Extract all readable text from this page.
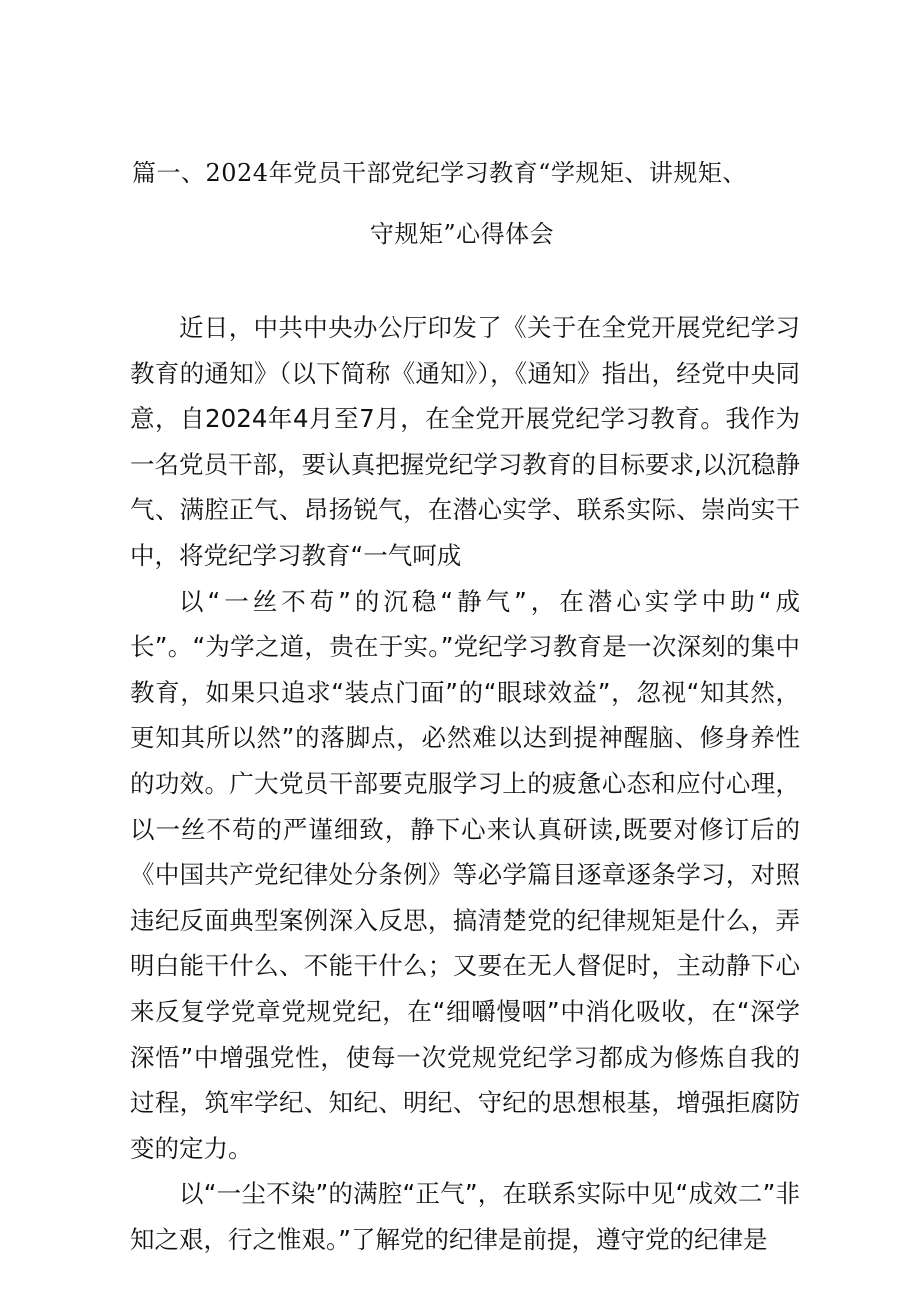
篇一、2024年党员干部党纪学习教育“学规矩、讲规矩、
守规矩”心得体会

近日，中共中央办公厅印发了《关于在全党开展党纪学习教育的通知》（以下简称《通知》），《通知》指出，经党中央同意，自2024年4月至7月，在全党开展党纪学习教育。我作为一名党员干部，要认真把握党纪学习教育的目标要求,以沉稳静气、满腔正气、昂扬锐气，在潜心实学、联系实际、崇尚实干中，将党纪学习教育“一气呵成

以“一丝不苟”的沉稳“静气”，在潜心实学中助“成长”。“为学之道，贵在于实。”党纪学习教育是一次深刻的集中教育，如果只追求“装点门面”的“眼球效益”，忽视“知其然，更知其所以然”的落脚点，必然难以达到提神醒脑、修身养性的功效。广大党员干部要克服学习上的疲惫心态和应付心理，以一丝不苟的严谨细致，静下心来认真研读,既要对修订后的《中国共产党纪律处分条例》等必学篇目逐章逐条学习，对照违纪反面典型案例深入反思，搞清楚党的纪律规矩是什么，弄明白能干什么、不能干什么；又要在无人督促时，主动静下心来反复学党章党规党纪，在“细嚼慢咽”中消化吸收，在“深学深悟”中增强党性，使每一次党规党纪学习都成为修炼自我的过程，筑牢学纪、知纪、明纪、守纪的思想根基，增强拒腐防变的定力。

以“一尘不染”的满腔“正气”，在联系实际中见“成效二”非知之艰，行之惟艰。”了解党的纪律是前提，遵守党的纪律是
